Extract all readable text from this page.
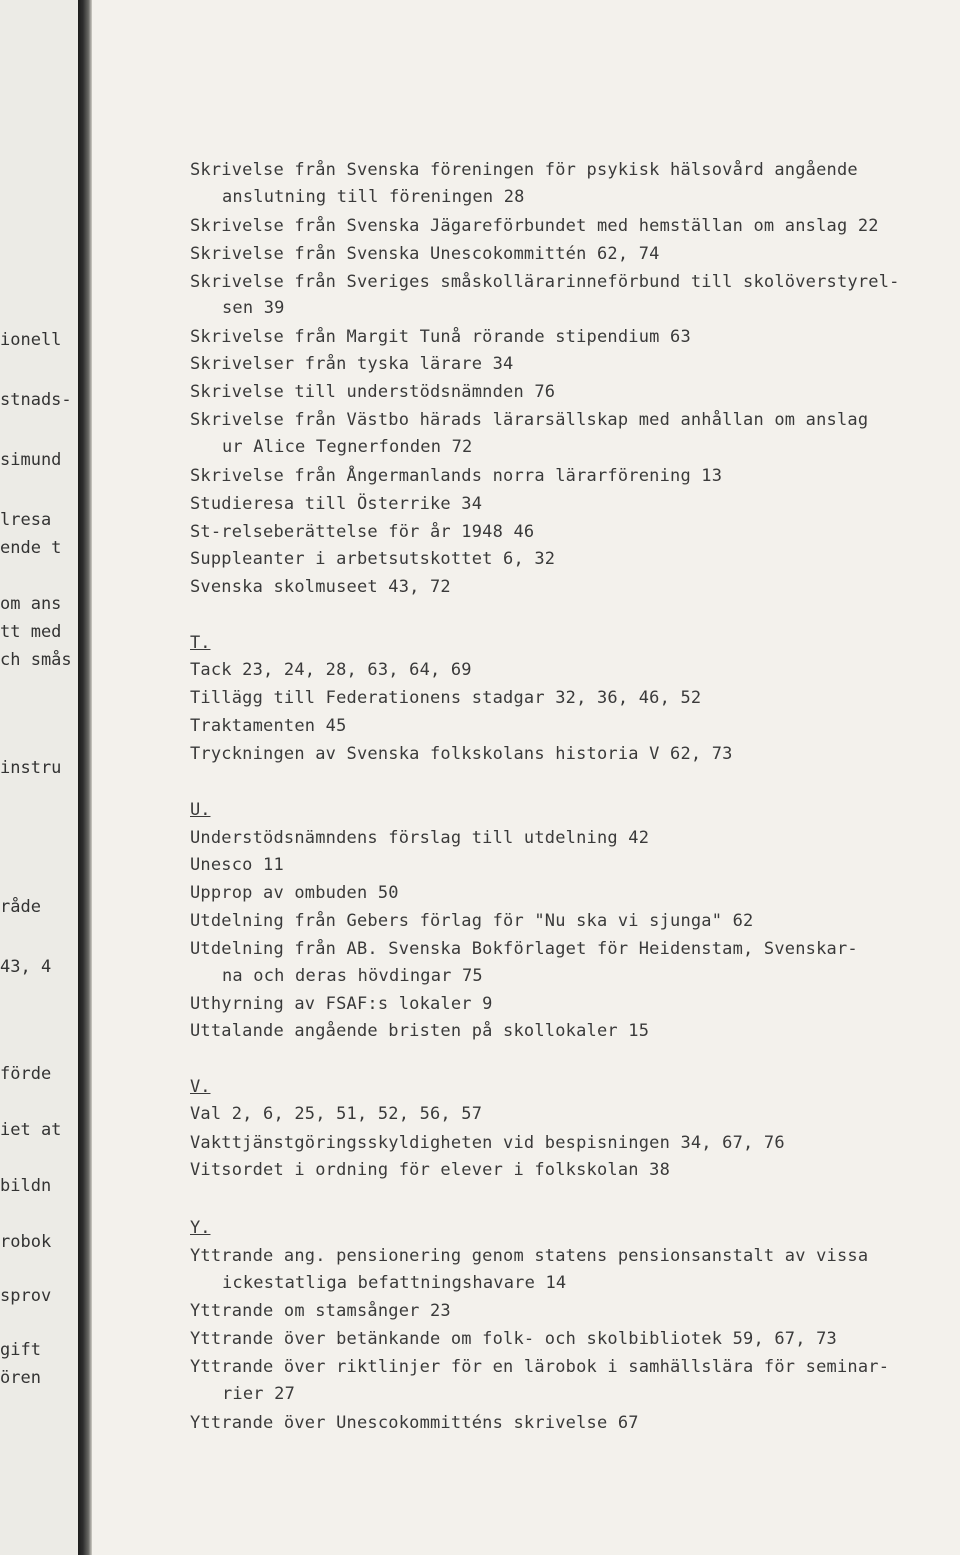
ionell
stnads-
simund
lresa
ende t
om ans
tt med
ch smås
instru
råde
43, 4
förde
iet at
bildn
robok
sprov
gift
ören
Skrivelse från Svenska föreningen för psykisk hälsovård angående
anslutning till föreningen 28
Skrivelse från Svenska Jägareförbundet med hemställan om anslag 22
Skrivelse från Svenska Unescokommittén 62, 74
Skrivelse från Sveriges småskollärarinneförbund till skolöverstyrel-
sen 39
Skrivelse från Margit Tunå rörande stipendium 63
Skrivelser från tyska lärare 34
Skrivelse till understödsnämnden 76
Skrivelse från Västbo härads lärarsällskap med anhållan om anslag
ur Alice Tegnerfonden 72
Skrivelse från Ångermanlands norra lärarförening 13
Studieresa till Österrike 34
St-relseberättelse för år 1948 46
Suppleanter i arbetsutskottet 6, 32
Svenska skolmuseet 43, 72
Tack 23, 24, 28, 63, 64, 69
Tillägg till Federationens stadgar 32, 36, 46, 52
Traktamenten 45
Tryckningen av Svenska folkskolans historia V 62, 73
Understödsnämndens förslag till utdelning 42
Unesco 11
Upprop av ombuden 50
Utdelning från Gebers förlag för "Nu ska vi sjunga" 62
Utdelning från AB. Svenska Bokförlaget för Heidenstam, Svenskar-
na och deras hövdingar 75
Uthyrning av FSAF:s lokaler 9
Uttalande angående bristen på skollokaler 15
Val 2, 6, 25, 51, 52, 56, 57
Vakttjänstgöringsskyldigheten vid bespisningen 34, 67, 76
Vitsordet i ordning för elever i folkskolan 38
Yttrande ang. pensionering genom statens pensionsanstalt av vissa
ickestatliga befattningshavare 14
Yttrande om stamsånger 23
Yttrande över betänkande om folk- och skolbibliotek 59, 67, 73
Yttrande över riktlinjer för en lärobok i samhällslära för seminar-
rier 27
Yttrande över Unescokommitténs skrivelse 67
T.
U.
V.
Y.
